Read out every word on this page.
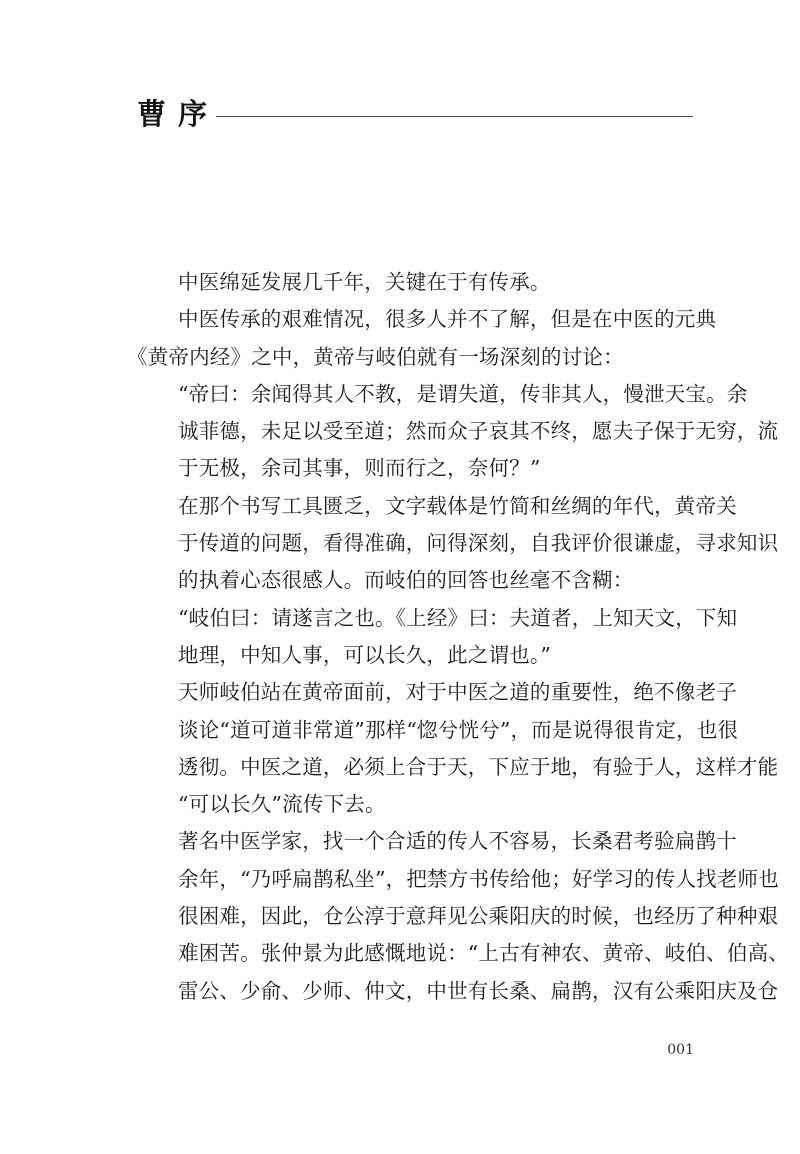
曹序

中医绵延发展几千年，关键在于有传承。

中医传承的艰难情况，很多人并不了解，但是在中医的元典
《黄帝内经》之中，黄帝与岐伯就有一场深刻的讨论：

“帝曰：余闻得其人不教，是谓失道，传非其人，慢泄天宝。余
诚菲德，未足以受至道；然而众子哀其不终，愿夫子保于无穷，流
于无极，余司其事，则而行之，奈何？”

在那个书写工具匮乏，文字载体是竹简和丝绸的年代，黄帝关
于传道的问题，看得准确，问得深刻，自我评价很谦虚，寻求知识
的执着心态很感人。而岐伯的回答也丝毫不含糊：

“岐伯曰：请遂言之也。《上经》曰：夫道者，上知天文，下知
地理，中知人事，可以长久，此之谓也。”

天师岐伯站在黄帝面前，对于中医之道的重要性，绝不像老子
谈论“道可道非常道”那样“惚兮恍兮”，而是说得很肯定，也很
透彻。中医之道，必须上合于天，下应于地，有验于人，这样才能
“可以长久”流传下去。

著名中医学家，找一个合适的传人不容易，长桑君考验扁鹊十
余年，“乃呼扁鹊私坐”，把禁方书传给他；好学习的传人找老师也
很困难，因此，仓公淳于意拜见公乘阳庆的时候，也经历了种种艰
难困苦。张仲景为此感慨地说：“上古有神农、黄帝、岐伯、伯高、
雷公、少俞、少师、仲文，中世有长桑、扁鹊，汉有公乘阳庆及仓

001
